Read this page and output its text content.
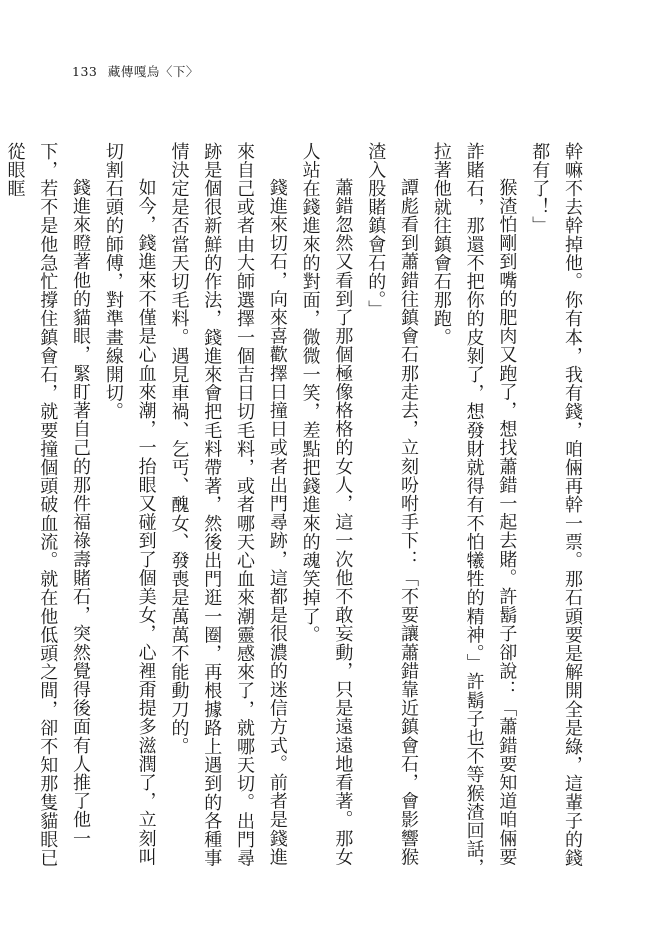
133 藏傳嘎烏〈下〉

幹嘛不去幹掉他。你有本，我有錢，咱倆再幹一票。那石頭要是解開全是綠，這輩子的錢都有了！」

猴渣怕剛到嘴的肥肉又跑了，想找蕭錯一起去賭。許鬍子卻說：「蕭錯要知道咱倆要詐賭石，那還不把你的皮剝了，想發財就得有不怕犧牲的精神。」許鬍子也不等猴渣回話，拉著他就往鎮會石那跑。

譚彪看到蕭錯往鎮會石那走去，立刻吩咐手下：「不要讓蕭錯靠近鎮會石，會影響猴渣入股賭鎮會石的。」

蕭錯忽然又看到了那個極像格格的女人，這一次他不敢妄動，只是遠遠地看著。那女人站在錢進來的對面，微微一笑，差點把錢進來的魂笑掉了。

錢進來切石，向來喜歡擇日撞日或者出門尋跡，這都是很濃的迷信方式。前者是錢進來自己或者由大師選擇一個吉日切毛料，或者哪天心血來潮靈感來了，就哪天切。出門尋跡是個很新鮮的作法，錢進來會把毛料帶著，然後出門逛一圈，再根據路上遇到的各種事情決定是否當天切毛料。遇見車禍、乞丐、醜女、發喪是萬萬不能動刀的。

如今，錢進來不僅是心血來潮，一抬眼又碰到了個美女，心裡甭提多滋潤了，立刻叫切割石頭的師傅，對準畫線開切。

錢進來瞪著他的貓眼，緊盯著自己的那件福祿壽賭石，突然覺得後面有人推了他一下，若不是他急忙撐住鎮會石，就要撞個頭破血流。就在他低頭之間，卻不知那隻貓眼已從眼眶
